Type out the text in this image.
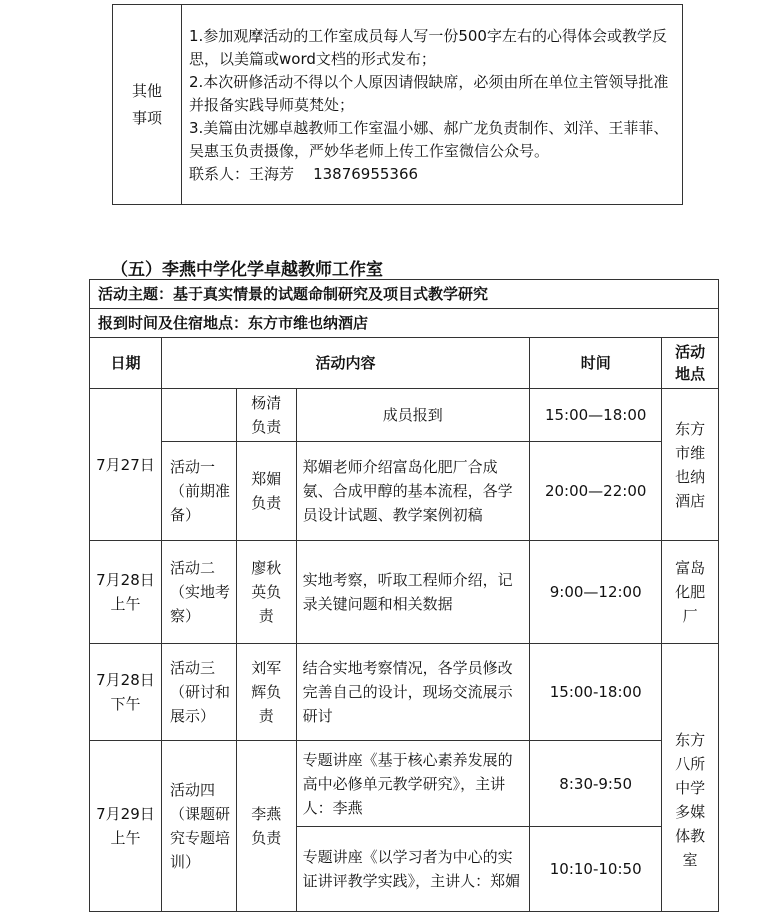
其他事项

1.参加观摩活动的工作室成员每人写一份500字左右的心得体会或教学反思，以美篇或word文档的形式发布；
2.本次研修活动不得以个人原因请假缺席，必须由所在单位主管领导批准并报备实践导师莫梵处；
3.美篇由沈娜卓越教师工作室温小娜、郝广龙负责制作、刘洋、王菲菲、吴惠玉负责摄像，严妙华老师上传工作室微信公众号。
联系人：王海芳    13876955366
（五）李燕中学化学卓越教师工作室
活动主题：基于真实情景的试题命制研究及项目式教学研究					
报到时间及住宿地点：东方市维也纳酒店					
日期	活动内容			时间	活动地点

7月27日		杨清负责	成员报到	15:00—18:00	东方市维也纳酒店

	活动一（前期准备）	郑媚负责	郑媚老师介绍富岛化肥厂合成氨、合成甲醇的基本流程，各学员设计试题、教学案例初稿	20:00—22:00	

7月28日上午	活动二（实地考察）	廖秋英负责	实地考察，听取工程师介绍，记录关键问题和相关数据	9:00—12:00	富岛化肥厂

7月28日下午	活动三（研讨和展示）	刘军辉负责	结合实地考察情况，各学员修改完善自己的设计，现场交流展示研讨	15:00-18:00	东方八所中学多媒体教室

7月29日上午	活动四（课题研究专题培训）	李燕负责	专题讲座《基于核心素养发展的高中必修单元教学研究》，主讲人：李燕	8:30-9:50	
			专题讲座《以学习者为中心的实证讲评教学实践》，主讲人：郑媚	10:10-10:50	
